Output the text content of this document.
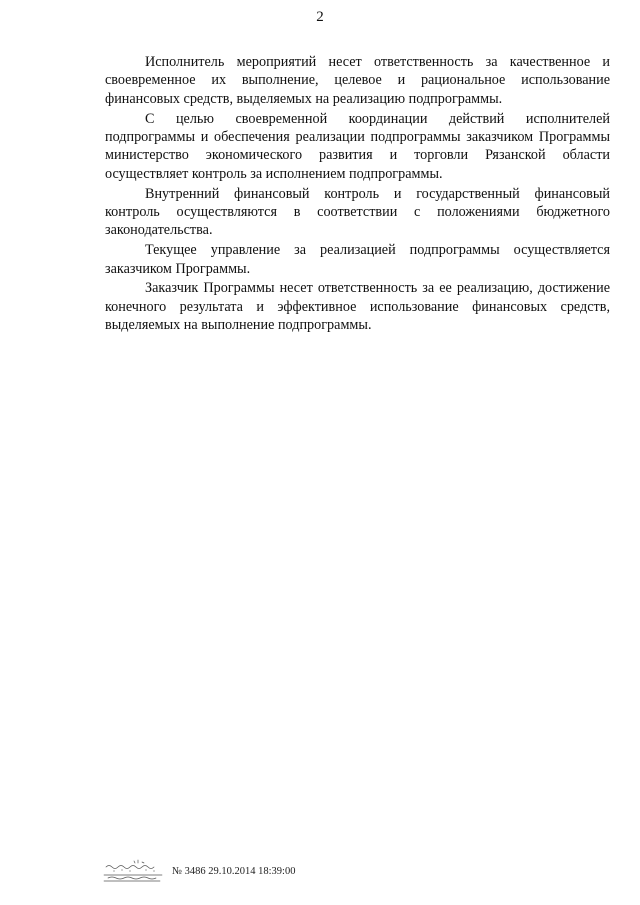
2

Исполнитель мероприятий несет ответственность за качественное и своевременное их выполнение, целевое и рациональное использование финансовых средств, выделяемых на реализацию подпрограммы.

С целью своевременной координации действий исполнителей подпрограммы и обеспечения реализации подпрограммы заказчиком Программы министерство экономического развития и торговли Рязанской области осуществляет контроль за исполнением подпрограммы.

Внутренний финансовый контроль и государственный финансовый контроль осуществляются в соответствии с положениями бюджетного законодательства.

Текущее управление за реализацией подпрограммы осуществляется заказчиком Программы.

Заказчик Программы несет ответственность за ее реализацию, достижение конечного результата и эффективное использование финансовых средств, выделяемых на выполнение подпрограммы.

№ 3486 29.10.2014 18:39:00
